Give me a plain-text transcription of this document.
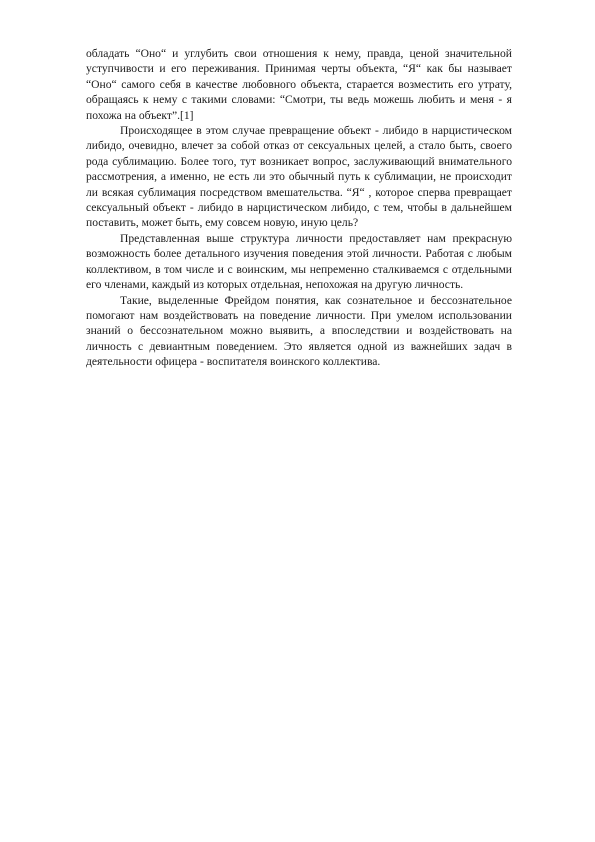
обладать “Оно“ и углубить свои отношения к нему, правда, ценой значительной уступчивости и его переживания. Принимая черты объекта, “Я“ как бы называет “Оно“ самого себя в качестве любовного объекта, старается возместить его утрату, обращаясь к нему с такими словами: “Смотри, ты ведь можешь любить и меня - я похожа на объект”.[1]

Происходящее в этом случае превращение объект - либидо в нарцистическом либидо, очевидно, влечет за собой отказ от сексуальных целей, а стало быть, своего рода сублимацию. Более того, тут возникает вопрос, заслуживающий внимательного рассмотрения, а именно, не есть ли это обычный путь к сублимации, не происходит ли всякая сублимация посредством вмешательства. “Я“ , которое сперва превращает сексуальный объект - либидо в нарцистическом либидо, с тем, чтобы в дальнейшем поставить, может быть, ему совсем новую, иную цель?

Представленная выше структура личности предоставляет нам прекрасную возможность более детального изучения поведения этой личности. Работая с любым коллективом, в том числе и с воинским, мы непременно сталкиваемся с отдельными его членами, каждый из которых отдельная, непохожая на другую личность.

Такие, выделенные Фрейдом понятия, как сознательное и бессознательное помогают нам воздействовать на поведение личности. При умелом использовании знаний о бессознательном можно выявить, а впоследствии и воздействовать на личность с девиантным поведением. Это является одной из важнейших задач в деятельности офицера - воспитателя воинского коллектива.
